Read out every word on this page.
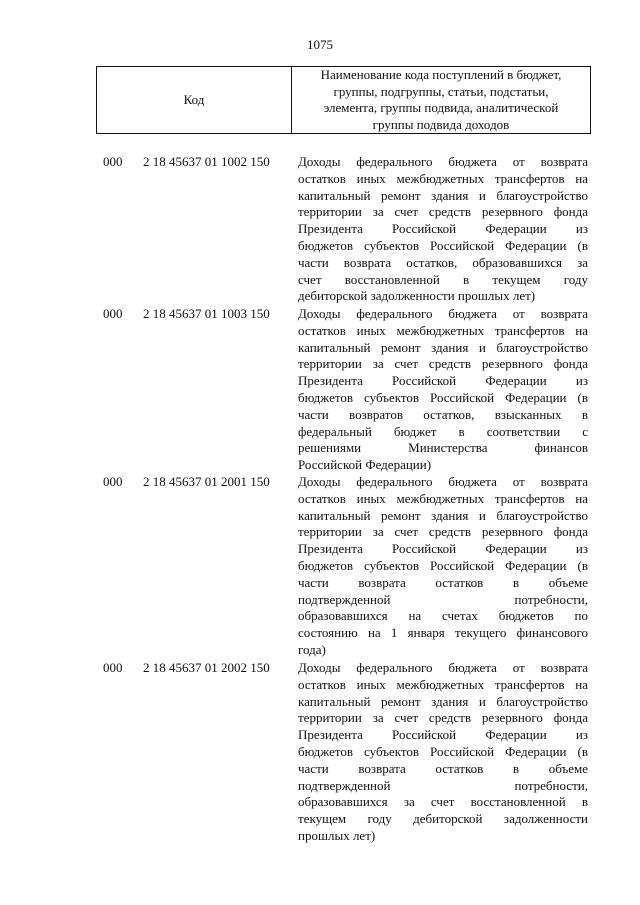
1075
Код	
Наименование кода поступлений в бюджет,
группы, подгруппы, статьи, подстатьи,
элемента, группы подвида, аналитической
группы подвида доходов
000 2 18 45637 01 1002 150 Доходы федерального бюджета от возврата
остатков иных межбюджетных трансфертов на
капитальный ремонт здания и благоустройство
территории за счет средств резервного фонда
Президента Российской Федерации из
бюджетов субъектов Российской Федерации (в
части возврата остатков, образовавшихся за
счет восстановленной в текущем году
дебиторской задолженности прошлых лет)
000 2 18 45637 01 1003 150 Доходы федерального бюджета от возврата
остатков иных межбюджетных трансфертов на
капитальный ремонт здания и благоустройство
территории за счет средств резервного фонда
Президента Российской Федерации из
бюджетов субъектов Российской Федерации (в
части возвратов остатков, взысканных в
федеральный бюджет в соответствии с
решениями Министерства финансов
Российской Федерации)
000 2 18 45637 01 2001 150 Доходы федерального бюджета от возврата
остатков иных межбюджетных трансфертов на
капитальный ремонт здания и благоустройство
территории за счет средств резервного фонда
Президента Российской Федерации из
бюджетов субъектов Российской Федерации (в
части возврата остатков в объеме
подтвержденной потребности,
образовавшихся на счетах бюджетов по
состоянию на 1 января текущего финансового
года)
000 2 18 45637 01 2002 150 Доходы федерального бюджета от возврата
остатков иных межбюджетных трансфертов на
капитальный ремонт здания и благоустройство
территории за счет средств резервного фонда
Президента Российской Федерации из
бюджетов субъектов Российской Федерации (в
части возврата остатков в объеме
подтвержденной потребности,
образовавшихся за счет восстановленной в
текущем году дебиторской задолженности
прошлых лет)
